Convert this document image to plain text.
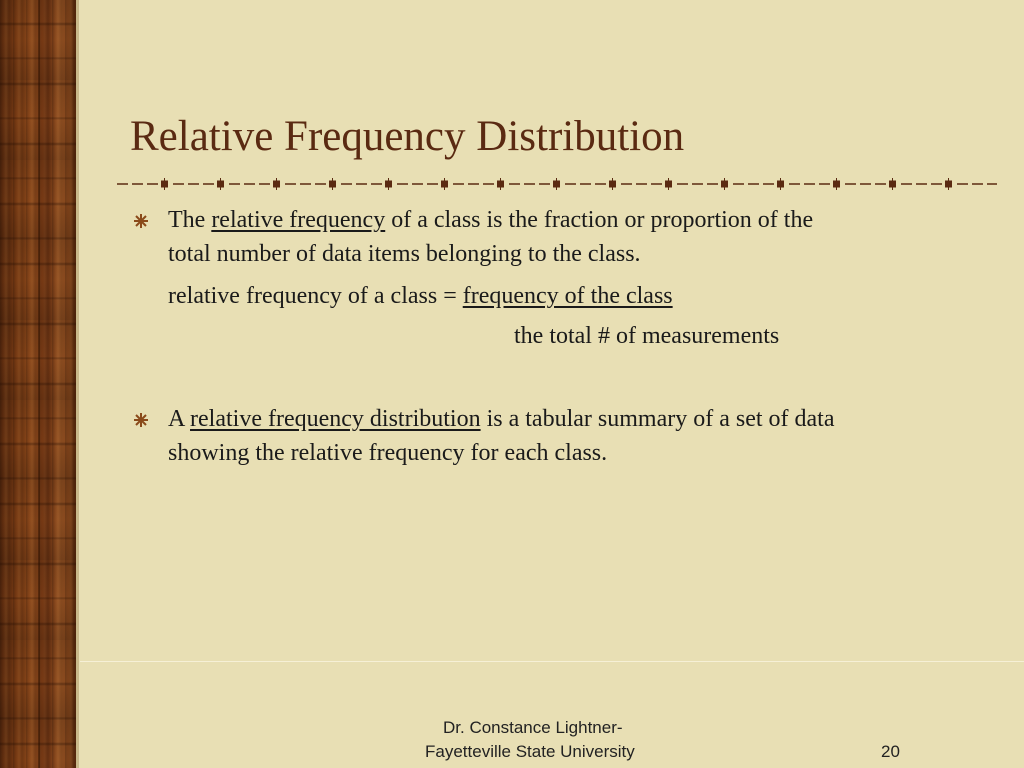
Relative Frequency Distribution
The relative frequency of a class is the fraction or proportion of the
total number of data items belonging to the class.
relative frequency of a class = frequency of the class
the total # of measurements
A relative frequency distribution is a tabular summary of a set of data
showing the relative frequency for each class.
Dr. Constance Lightner-
Fayetteville State University	20
